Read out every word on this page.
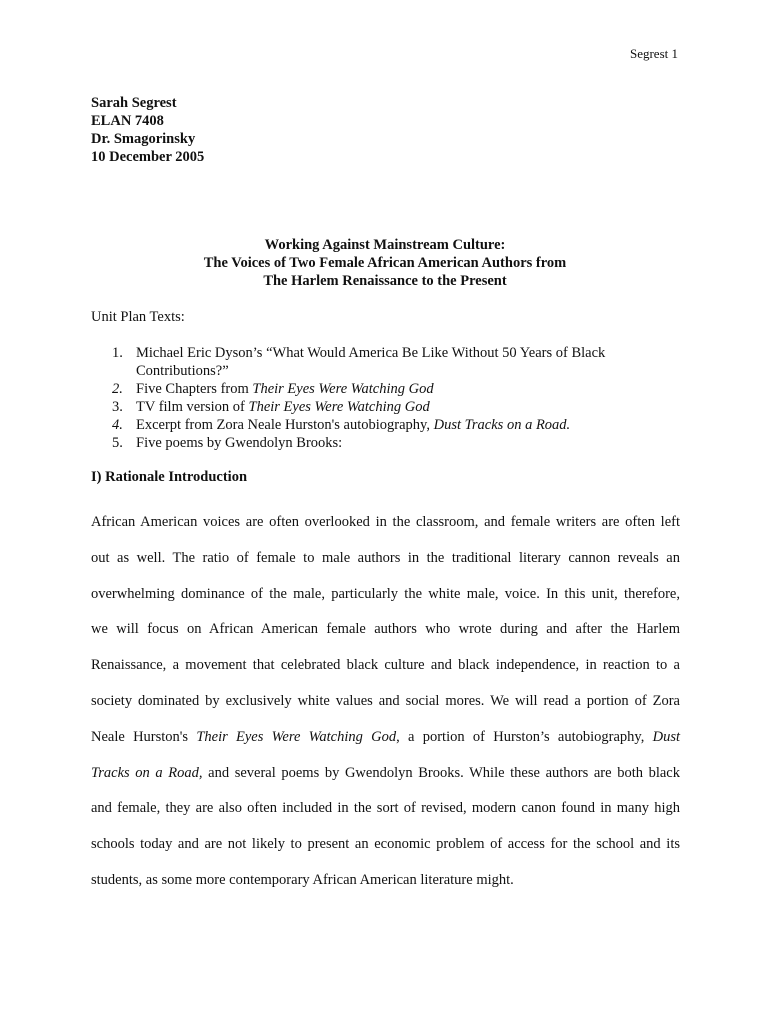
Segrest 1
Sarah Segrest
ELAN 7408
Dr. Smagorinsky
10 December 2005
Working Against Mainstream Culture:
The Voices of Two Female African American Authors from
The Harlem Renaissance to the Present
Unit Plan Texts:
1. Michael Eric Dyson’s “What Would America Be Like Without 50 Years of Black
Contributions?”
2. Five Chapters from Their Eyes Were Watching God
3. TV film version of Their Eyes Were Watching God
4. Excerpt from Zora Neale Hurston's autobiography, Dust Tracks on a Road.
5. Five poems by Gwendolyn Brooks:
I) Rationale Introduction
African American voices are often overlooked in the classroom, and female writers are often left
out as well. The ratio of female to male authors in the traditional literary cannon reveals an
overwhelming dominance of the male, particularly the white male, voice. In this unit, therefore,
we will focus on African American female authors who wrote during and after the Harlem
Renaissance, a movement that celebrated black culture and black independence, in reaction to a
society dominated by exclusively white values and social mores. We will read a portion of Zora
Neale Hurston's Their Eyes Were Watching God, a portion of Hurston’s autobiography, Dust
Tracks on a Road, and several poems by Gwendolyn Brooks. While these authors are both black
and female, they are also often included in the sort of revised, modern canon found in many high
schools today and are not likely to present an economic problem of access for the school and its
students, as some more contemporary African American literature might.
